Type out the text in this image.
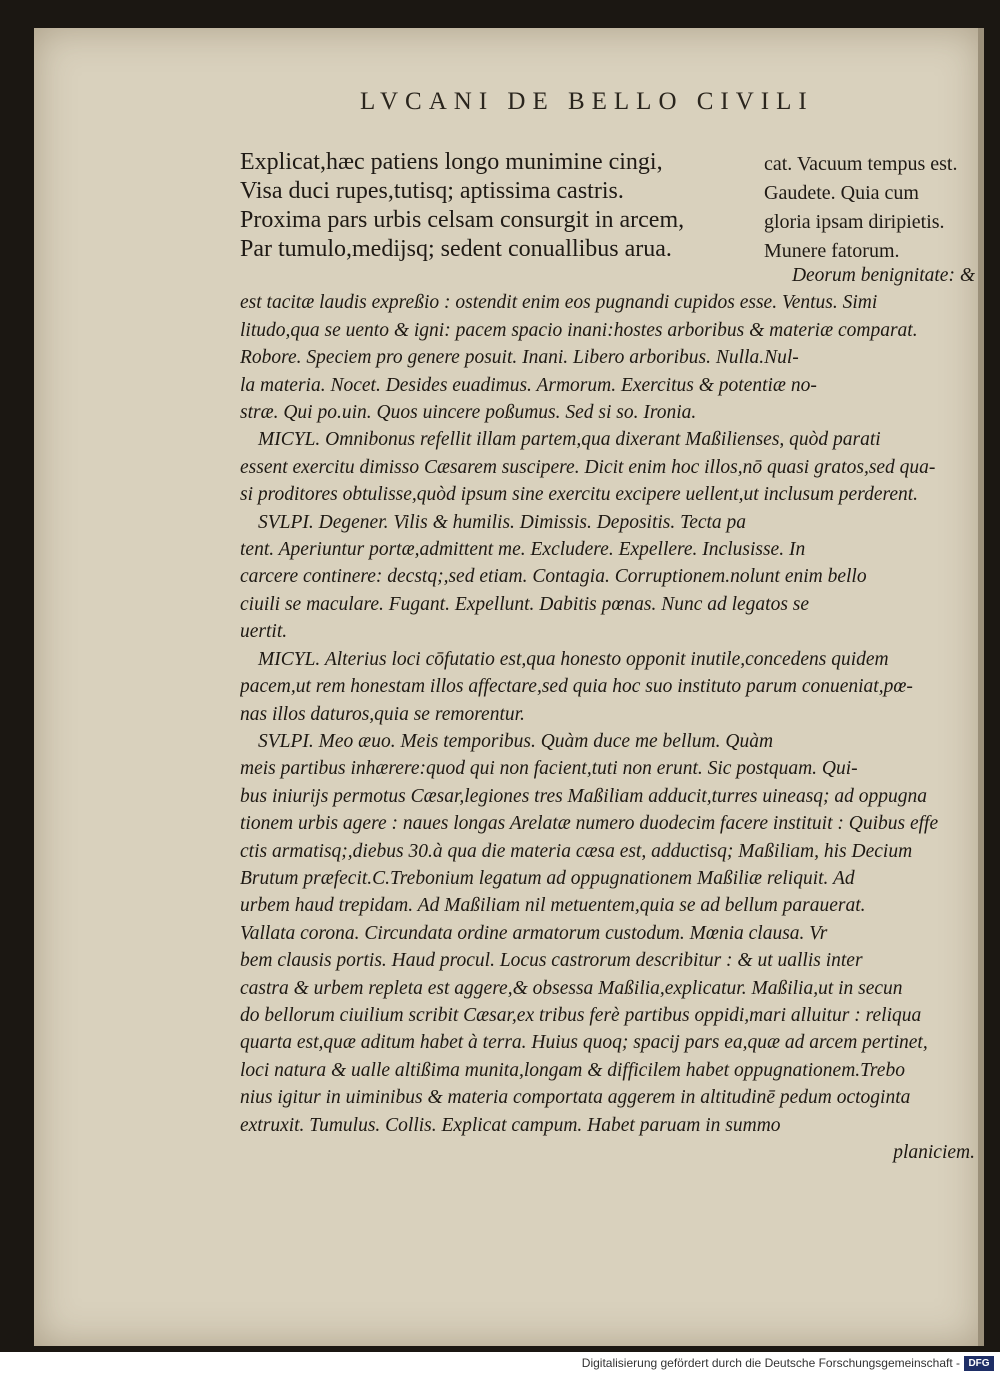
LVCANI DE BELLO CIVILI
Explicat,hæc patiens longo munimine cingi,
Visa duci rupes,tutisq; aptissima castris.
Proxima pars urbis celsam consurgit in arcem,
Par tumulo,medijsq; sedent conuallibus arua.
cat. Vacuum tempus est.
Gaudete. Quia cum
gloria ipsam diripietis.
Munere fatorum.
Deorum benignitate: &
est tacitæ laudis expreßio : ostendit enim eos pugnandi cupidos esse. Ventus. Simi
litudo,qua se uento & igni: pacem spacio inani:hostes arboribus & materiæ comparat.
Robore. Speciem pro genere posuit. Inani. Libero arboribus. Nulla.Nul-
la materia. Nocet. Desides euadimus. Armorum. Exercitus & potentiæ no-
stræ. Qui po.uin. Quos uincere poßumus. Sed si so. Ironia.
MICYL. Omnibonus refellit illam partem,qua dixerant Maßilienses, quòd parati
essent exercitu dimisso Cæsarem suscipere. Dicit enim hoc illos,nō quasi gratos,sed qua-
si proditores obtulisse,quòd ipsum sine exercitu excipere uellent,ut inclusum perderent.
SVLPI. Degener. Vilis & humilis. Dimissis. Depositis. Tecta pa
tent. Aperiuntur portæ,admittent me. Excludere. Expellere. Inclusisse. In
carcere continere: decstq;,sed etiam. Contagia. Corruptionem.nolunt enim bello
ciuili se maculare. Fugant. Expellunt. Dabitis pœnas. Nunc ad legatos se
uertit.
MICYL. Alterius loci cōfutatio est,qua honesto opponit inutile,concedens quidem
pacem,ut rem honestam illos affectare,sed quia hoc suo instituto parum conueniat,pœ-
nas illos daturos,quia se remorentur.
SVLPI. Meo æuo. Meis temporibus. Quàm duce me bellum. Quàm
meis partibus inhærere:quod qui non facient,tuti non erunt. Sic postquam. Qui-
bus iniurijs permotus Cæsar,legiones tres Maßiliam adducit,turres uineasq; ad oppugna
tionem urbis agere : naues longas Arelatæ numero duodecim facere instituit : Quibus effe
ctis armatisq;,diebus 30.à qua die materia cæsa est, adductisq; Maßiliam, his Decium
Brutum præfecit.C.Trebonium legatum ad oppugnationem Maßiliæ reliquit. Ad
urbem haud trepidam. Ad Maßiliam nil metuentem,quia se ad bellum parauerat.
Vallata corona. Circundata ordine armatorum custodum. Mœnia clausa. Vr
bem clausis portis. Haud procul. Locus castrorum describitur : & ut uallis inter
castra & urbem repleta est aggere,& obsessa Maßilia,explicatur. Maßilia,ut in secun
do bellorum ciuilium scribit Cæsar,ex tribus ferè partibus oppidi,mari alluitur : reliqua
quarta est,quæ aditum habet à terra. Huius quoq; spacij pars ea,quæ ad arcem pertinet,
loci natura & ualle altißima munita,longam & difficilem habet oppugnationem.Trebo
nius igitur in uiminibus & materia comportata aggerem in altitudinē pedum octoginta
extruxit. Tumulus. Collis. Explicat campum. Habet paruam in summo
planiciem.
Digitalisierung gefördert durch die Deutsche Forschungsgemeinschaft - DFG
